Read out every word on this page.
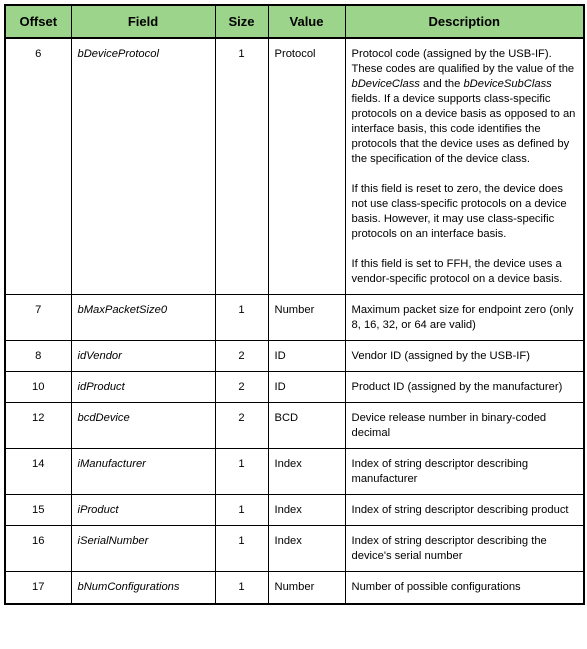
Offset	Field	Size	Value	Description
6	bDeviceProtocol	1	Protocol	Protocol code (assigned by the USB-IF). These codes are qualified by the value of the bDeviceClass and the bDeviceSubClass fields. If a device supports class-specific protocols on a device basis as opposed to an interface basis, this code identifies the protocols that the device uses as defined by the specification of the device class.

If this field is reset to zero, the device does not use class-specific protocols on a device basis. However, it may use class-specific protocols on an interface basis.

If this field is set to FFH, the device uses a vendor-specific protocol on a device basis.

7	bMaxPacketSize0	1	Number	Maximum packet size for endpoint zero (only 8, 16, 32, or 64 are valid)

8	idVendor	2	ID	Vendor ID (assigned by the USB-IF)

10	idProduct	2	ID	Product ID (assigned by the manufacturer)

12	bcdDevice	2	BCD	Device release number in binary-coded decimal

14	iManufacturer	1	Index	Index of string descriptor describing manufacturer

15	iProduct	1	Index	Index of string descriptor describing product

16	iSerialNumber	1	Index	Index of string descriptor describing the device's serial number

17	bNumConfigurations	1	Number	Number of possible configurations
